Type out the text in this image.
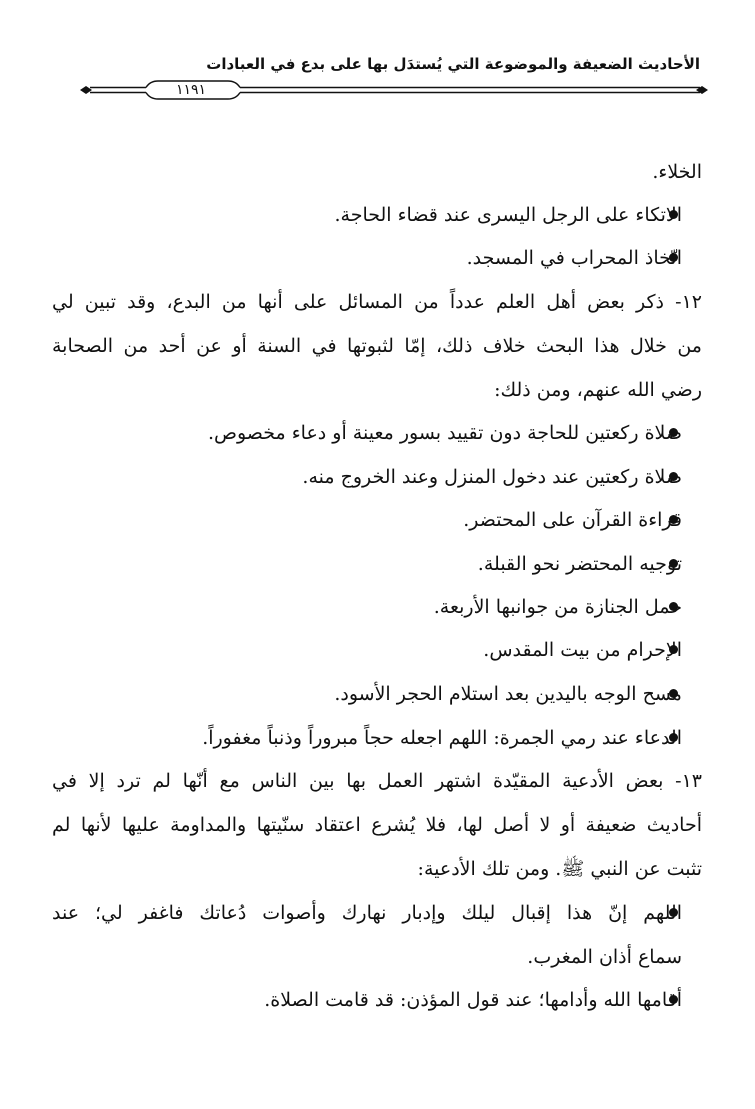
الأحاديث الضعيفة والموضوعة التي يُستدَل بها على بدع في العبادات
١١٩١
الخلاء.
الاتكاء على الرجل اليسرى عند قضاء الحاجة.
اتّخاذ المحراب في المسجد.
١٢- ذكر بعض أهل العلم عدداً من المسائل على أنها من البدع، وقد تبين لي
من خلال هذا البحث خلاف ذلك، إمّا لثبوتها في السنة أو عن أحد من الصحابة
رضي الله عنهم، ومن ذلك:
صلاة ركعتين للحاجة دون تقييد بسور معينة أو دعاء مخصوص.
صلاة ركعتين عند دخول المنزل وعند الخروج منه.
قراءة القرآن على المحتضر.
توجيه المحتضر نحو القبلة.
حمل الجنازة من جوانبها الأربعة.
الإحرام من بيت المقدس.
مسح الوجه باليدين بعد استلام الحجر الأسود.
الدعاء عند رمي الجمرة: اللهم اجعله حجاً مبروراً وذنباً مغفوراً.
١٣- بعض الأدعية المقيّدة اشتهر العمل بها بين الناس مع أنّها لم ترد إلا في
أحاديث ضعيفة أو لا أصل لها، فلا يُشرع اعتقاد سنّيتها والمداومة عليها لأنها لم
تثبت عن النبي ﷺ. ومن تلك الأدعية:
اللهم إنّ هذا إقبال ليلك وإدبار نهارك وأصوات دُعاتك فاغفر لي؛ عند
سماع أذان المغرب.
أقامها الله وأدامها؛ عند قول المؤذن: قد قامت الصلاة.
